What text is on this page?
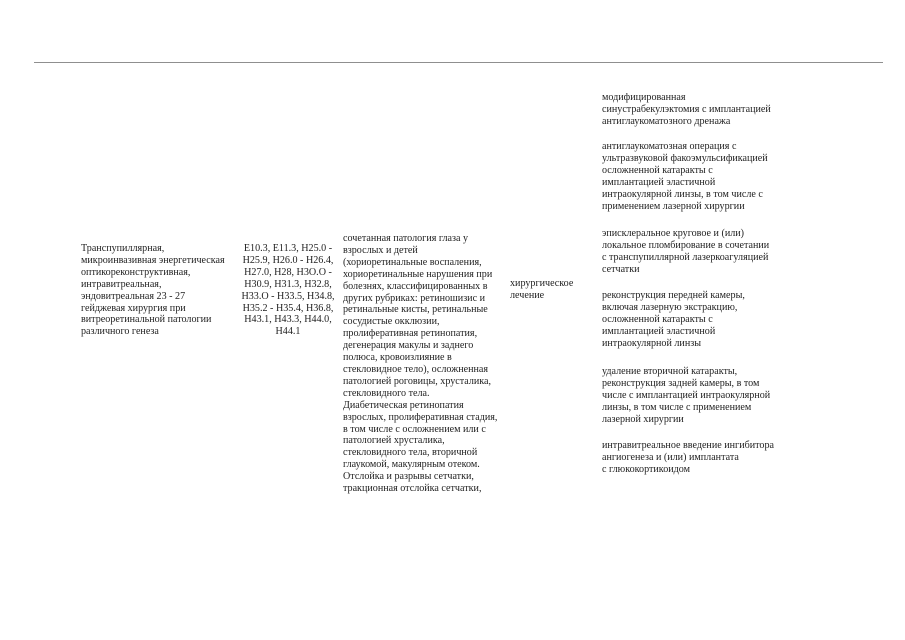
Транспупиллярная,
микроинвазивная энергетическая
оптикореконструктивная,
интравитреальная,
эндовитреальная 23 - 27
гейджевая хирургия при
витреоретинальной патологии
различного генеза

Е10.3, Е11.3, H25.0 -
H25.9, H26.0 - H26.4,
H27.0, H28, H3O.O -
H30.9, H31.3, H32.8,
H33.O - H33.5, H34.8,
H35.2 - H35.4, H36.8,
H43.1, H43.3, H44.0,
H44.1

сочетанная патология глаза у
взрослых и детей
(хориоретинальные воспаления,
хориоретинальные нарушения при
болезнях, классифицированных в
других рубриках: ретиношизис и
ретинальные кисты, ретинальные
сосудистые окклюзии,
пролиферативная ретинопатия,
дегенерация макулы и заднего
полюса, кровоизлияние в
стекловидное тело), осложненная
патологией роговицы, хрусталика,
стекловидного тела.
Диабетическая ретинопатия
взрослых, пролиферативная стадия,
в том числе с осложнением или с
патологией хрусталика,
стекловидного тела, вторичной
глаукомой, макулярным отеком.
Отслойка и разрывы сетчатки,
тракционная отслойка сетчатки,

хирургическое
лечение

модифицированная
синустрабекулэктомия с имплантацией
антиглаукоматозного дренажа

антиглаукоматозная операция с
ультразвуковой факоэмульсификацией
осложненной катаракты с
имплантацией эластичной
интраокулярной линзы, в том числе с
применением лазерной хирургии

эписклеральное круговое и (или)
локальное пломбирование в сочетании
с транспупиллярной лазеркоагуляцией
сетчатки

реконструкция передней камеры,
включая лазерную экстракцию,
осложненной катаракты с
имплантацией эластичной
интраокулярной линзы

удаление вторичной катаракты,
реконструкция задней камеры, в том
числе с имплантацией интраокулярной
линзы, в том числе с применением
лазерной хирургии

интравитреальное введение ингибитора
ангиогенеза и (или) имплантата
с глюкокортикоидом
